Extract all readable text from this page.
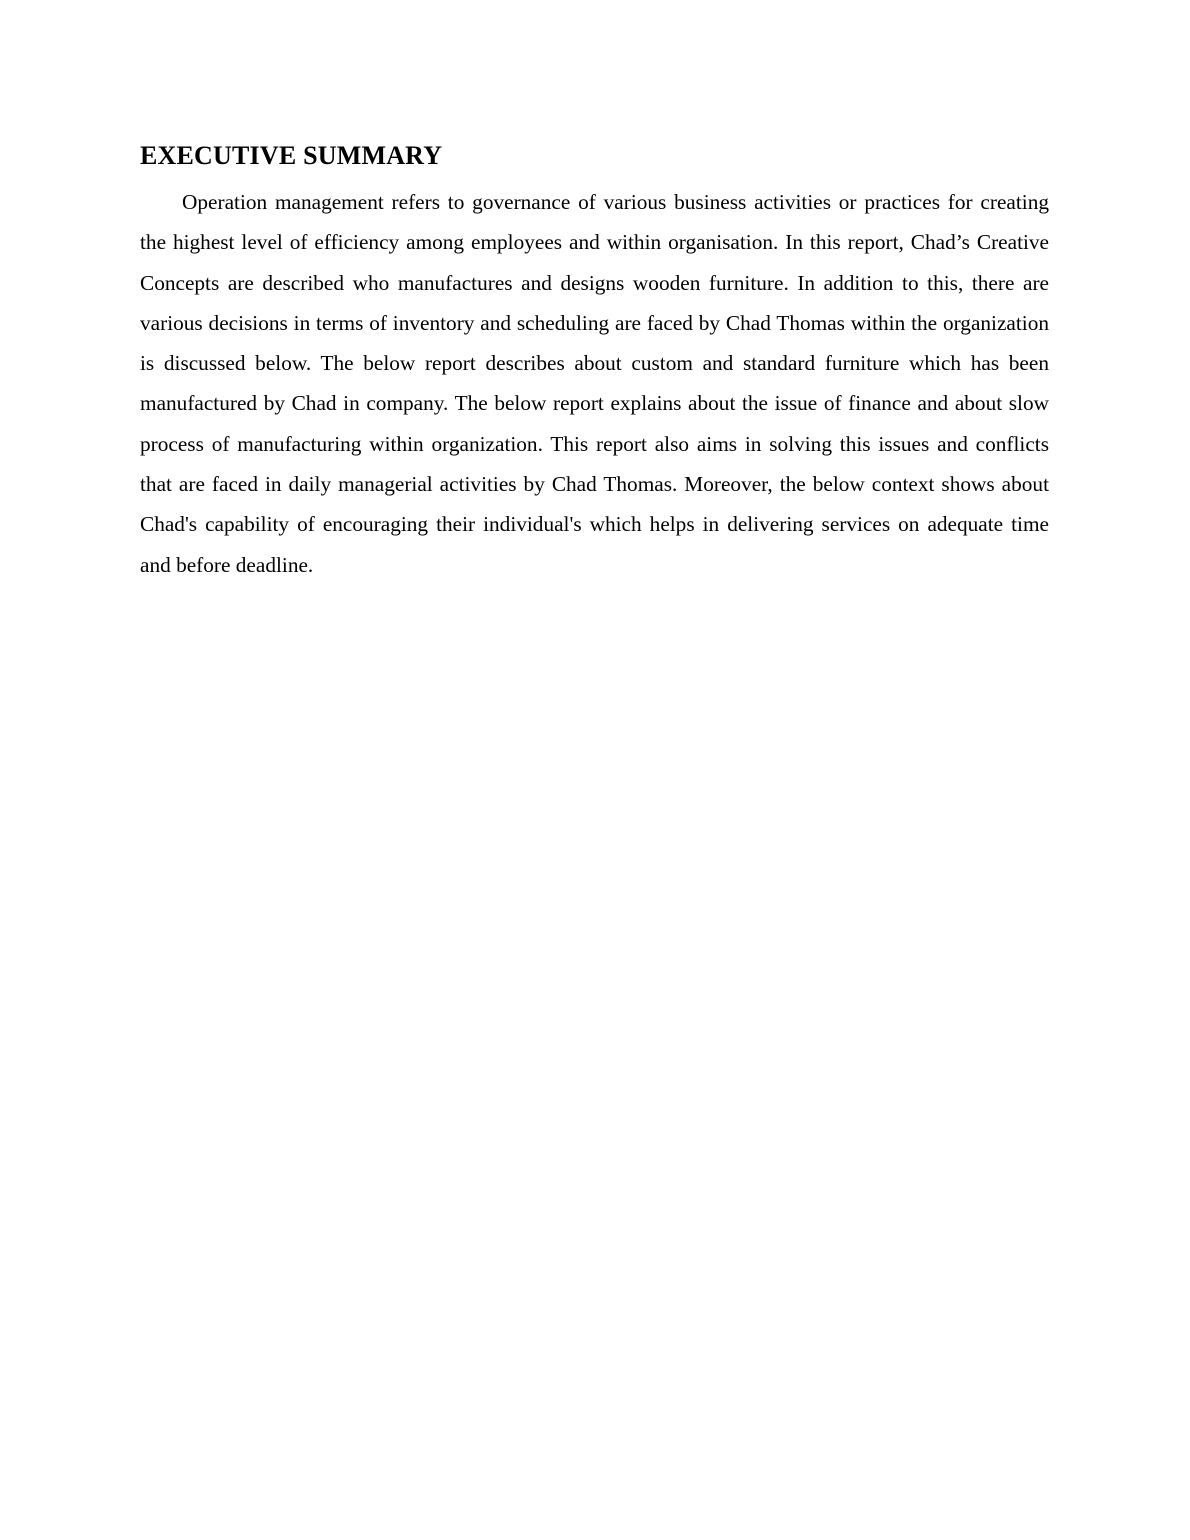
EXECUTIVE SUMMARY

Operation management refers to governance of various business activities or practices for creating the highest level of efficiency among employees and within organisation. In this report, Chad’s Creative Concepts are described who manufactures and designs wooden furniture. In addition to this, there are various decisions in terms of inventory and scheduling are faced by Chad Thomas within the organization is discussed below. The below report describes about custom and standard furniture which has been manufactured by Chad in company. The below report explains about the issue of finance and about slow process of manufacturing within organization. This report also aims in solving this issues and conflicts that are faced in daily managerial activities by Chad Thomas. Moreover, the below context shows about Chad's capability of encouraging their individual's which helps in delivering services on adequate time and before deadline.
